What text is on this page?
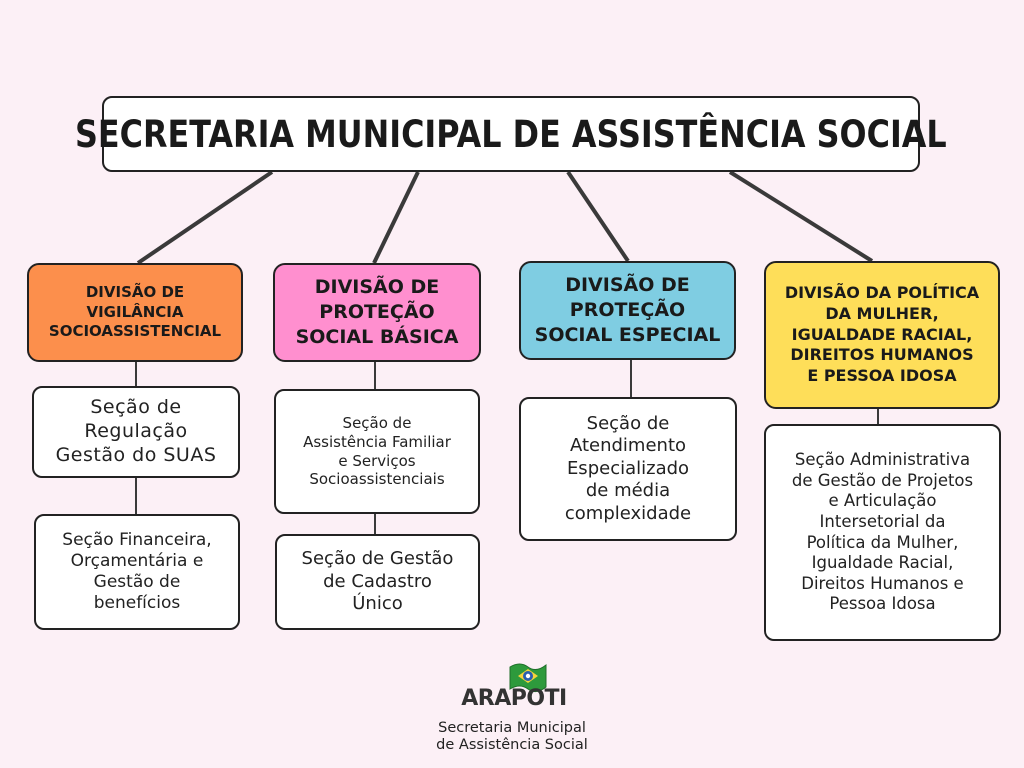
SECRETARIA MUNICIPAL DE ASSISTÊNCIA SOCIAL
DIVISÃO DE
VIGILÂNCIA
SOCIOASSISTENCIAL
DIVISÃO DE
PROTEÇÃO
SOCIAL BÁSICA
DIVISÃO DE
PROTEÇÃO
SOCIAL ESPECIAL
DIVISÃO DA POLÍTICA
DA MULHER,
IGUALDADE RACIAL,
DIREITOS HUMANOS
E PESSOA IDOSA
Seção de
Regulação
Gestão do SUAS
Seção Financeira,
Orçamentária e
Gestão de
benefícios
Seção de
Assistência Familiar
e Serviços
Socioassistenciais
Seção de Gestão
de Cadastro
Único
Seção de
Atendimento
Especializado
de média
complexidade
Seção Administrativa
de Gestão de Projetos
e Articulação
Intersetorial da
Política da Mulher,
Igualdade Racial,
Direitos Humanos e
Pessoa Idosa
ARAPOTI
Secretaria Municipal
de Assistência Social
